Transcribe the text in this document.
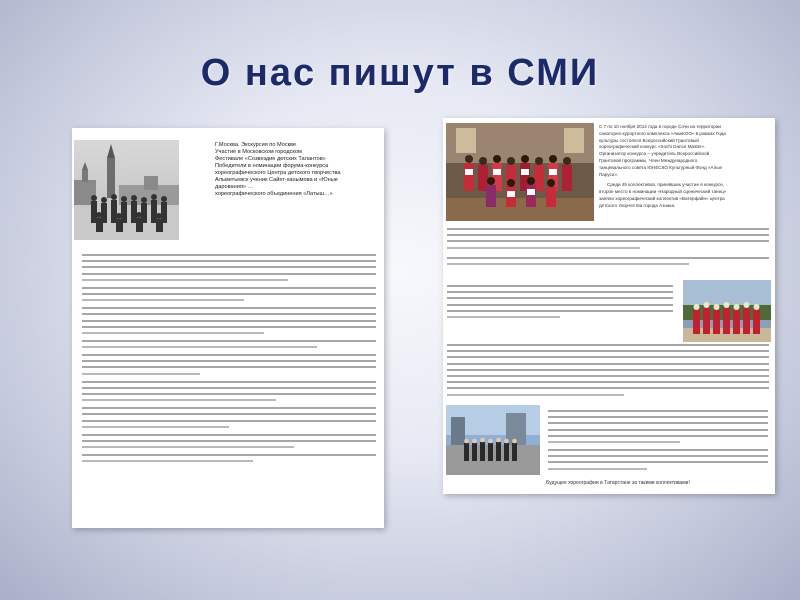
О нас пишут в СМИ
Г.Москва. Экскурсия по Москве
Участие в Московском городском
Фестивале «Созвездие детских Талантов»
Победители в номинации форума-конкурса
хореографического Центра детского творчества
Альметьевск ученик Сайет-ханымова и «Юные
дарования» …
хореографического объединения «Латыш…»
С 7 по 10 ноября 2014 года в городе Сочи на территории
санаторно-курортного комплекса «АмаКОО» в рамках Года
культуры состоялся Всероссийский Грантовый
хореографический конкурс «Sochi Dance Master».
Организатор конкурса – учредитель Всероссийской
Грантовой программы, Член Международного
танцевального совета ЮНЕСКО Культурный Фонд «Алые
Паруса».
Среди 45 коллективов, принявших участие в конкурсе,
второе место в номинации «Народный сценический танец»
заняли хореографический коллектив «Ватерфайн» центра
детского творчества города Азнака.
Будущее хореографии в Татарстане за такими коллективами!
